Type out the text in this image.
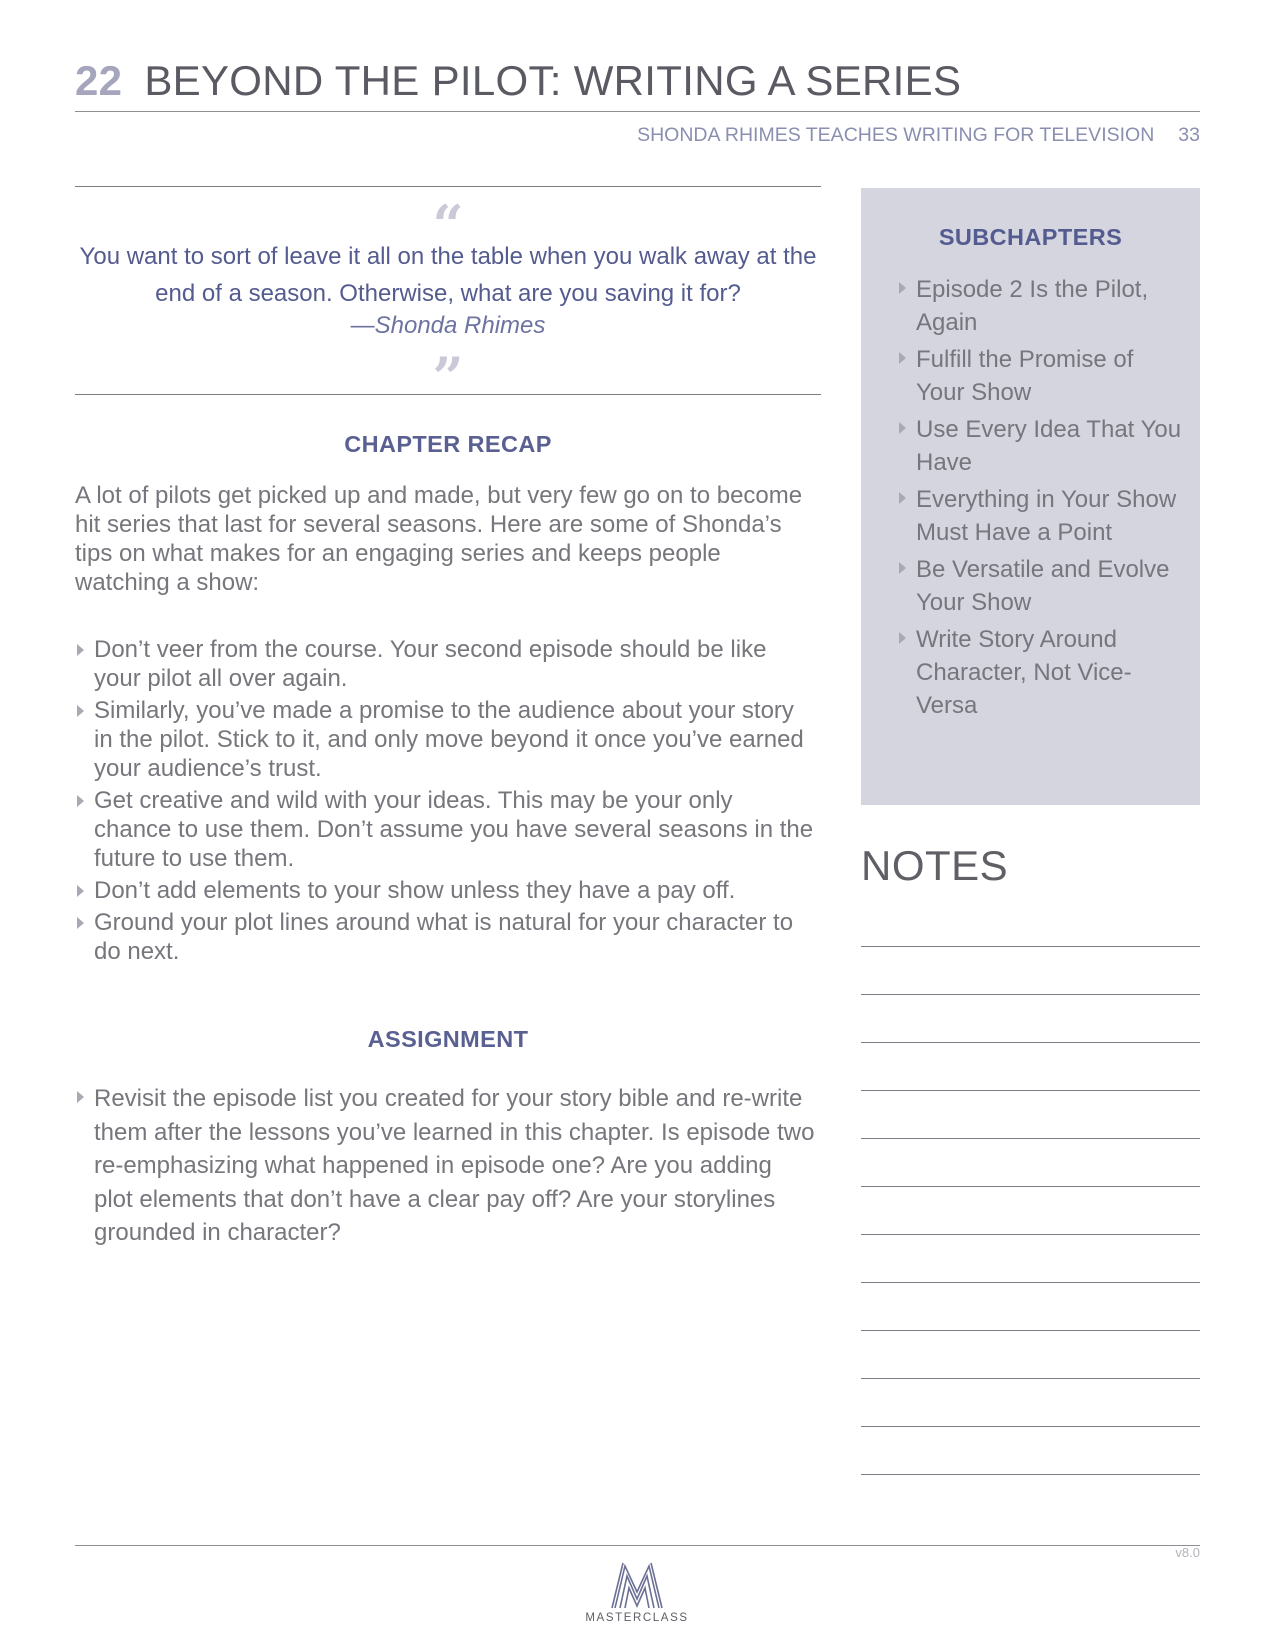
22 BEYOND THE PILOT: WRITING A SERIES
SHONDA RHIMES TEACHES WRITING FOR TELEVISION 33
“
You want to sort of leave it all on the table when you walk away at the end of a season. Otherwise, what are you saving it for?
—Shonda Rhimes
”
CHAPTER RECAP
A lot of pilots get picked up and made, but very few go on to become hit series that last for several seasons. Here are some of Shonda’s tips on what makes for an engaging series and keeps people watching a show:
Don’t veer from the course. Your second episode should be like your pilot all over again.
Similarly, you’ve made a promise to the audience about your story in the pilot. Stick to it, and only move beyond it once you’ve earned your audience’s trust.
Get creative and wild with your ideas. This may be your only chance to use them. Don’t assume you have several seasons in the future to use them.
Don’t add elements to your show unless they have a pay off.
Ground your plot lines around what is natural for your character to do next.
ASSIGNMENT
Revisit the episode list you created for your story bible and re-write them after the lessons you’ve learned in this chapter. Is episode two re-emphasizing what happened in episode one? Are you adding plot elements that don’t have a clear pay off? Are your storylines grounded in character?
SUBCHAPTERS
Episode 2 Is the Pilot, Again
Fulfill the Promise of Your Show
Use Every Idea That You Have
Everything in Your Show Must Have a Point
Be Versatile and Evolve Your Show
Write Story Around Character, Not Vice-Versa
NOTES
v8.0
MASTERCLASS
